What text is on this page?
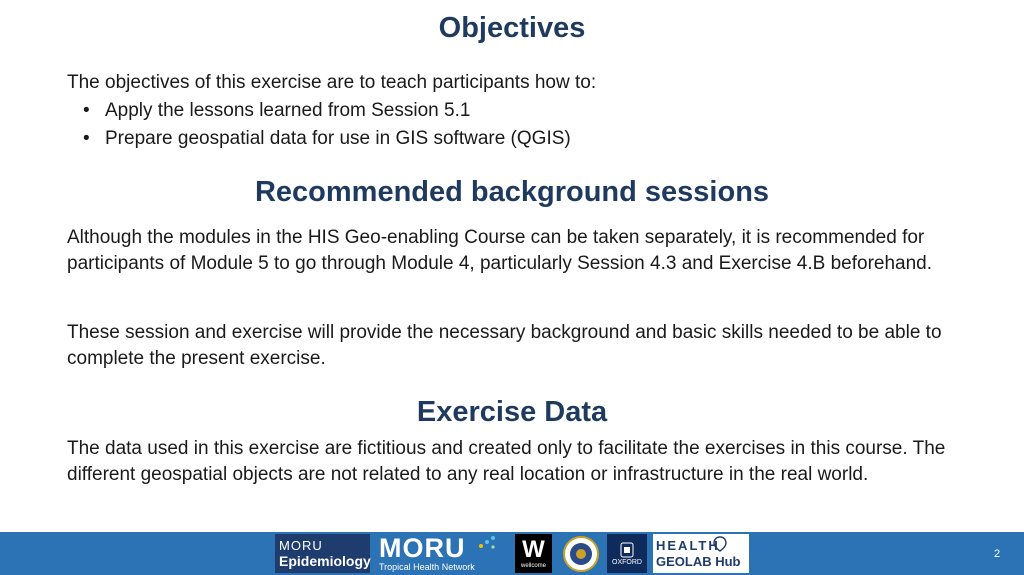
Objectives

The objectives of this exercise are to teach participants how to:

• Apply the lessons learned from Session 5.1
• Prepare geospatial data for use in GIS software (QGIS)
Recommended background sessions

Although the modules in the HIS Geo-enabling Course can be taken separately, it is recommended for participants of Module 5 to go through Module 4, particularly Session 4.3 and Exercise 4.B beforehand.

These session and exercise will provide the necessary background and basic skills needed to be able to complete the present exercise.

Exercise Data

The data used in this exercise are fictitious and created only to facilitate the exercises in this course. The different geospatial objects are not related to any real location or infrastructure in the real world.

MORU
Epidemiology MORU
Tropical Health Network
W
wellcome	OXFORD
HEALTH
GEOLAB Hub	2
